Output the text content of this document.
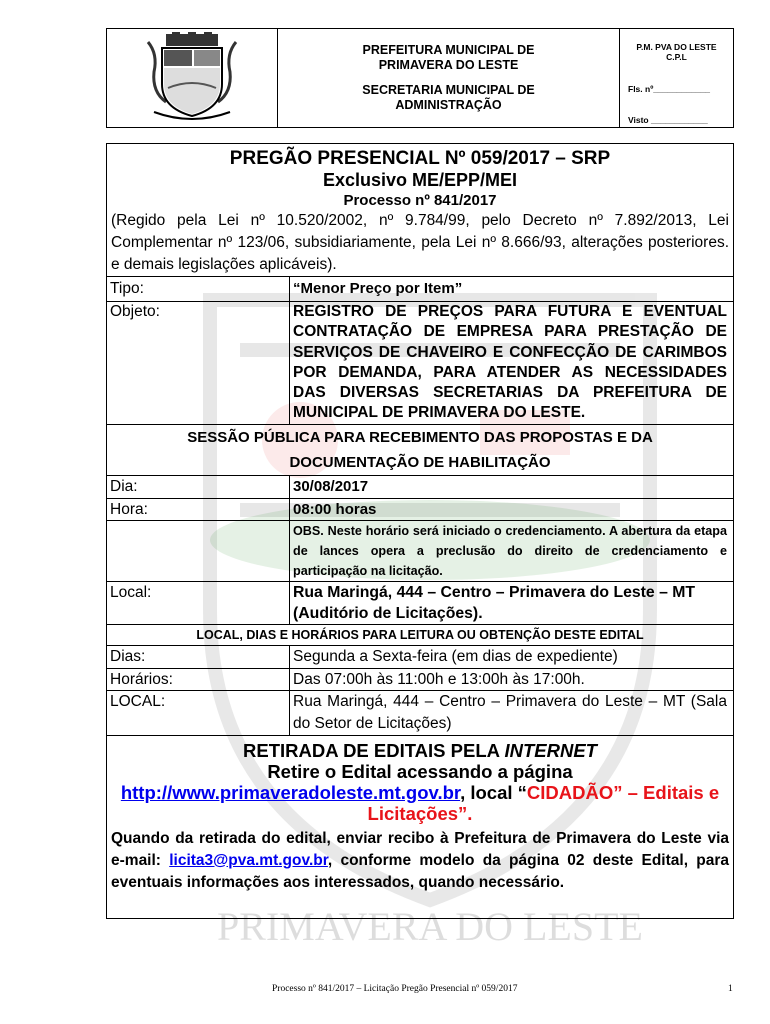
PRIMAVERA DO LESTE
PREFEITURA MUNICIPAL DE
PRIMAVERA DO LESTE
SECRETARIA MUNICIPAL DE
ADMINISTRAÇÃO
P.M. PVA DO LESTE
C.P.L
Fls. nº____________
Visto ____________
PREGÃO PRESENCIAL Nº 059/2017 – SRP
Exclusivo ME/EPP/MEI
Processo nº 841/2017
(Regido pela Lei nº 10.520/2002, nº 9.784/99, pelo Decreto nº 7.892/2013, Lei Complementar nº 123/06, subsidiariamente, pela Lei nº 8.666/93, alterações posteriores. e demais legislações aplicáveis).
Tipo:	“Menor Preço por Item”
Objeto:	REGISTRO DE PREÇOS PARA FUTURA E EVENTUAL CONTRATAÇÃO DE EMPRESA PARA PRESTAÇÃO DE SERVIÇOS DE CHAVEIRO E CONFECÇÃO DE CARIMBOS POR DEMANDA, PARA ATENDER AS NECESSIDADES DAS DIVERSAS SECRETARIAS DA PREFEITURA DE MUNICIPAL DE PRIMAVERA DO LESTE.
SESSÃO PÚBLICA PARA RECEBIMENTO DAS PROPOSTAS E DA DOCUMENTAÇÃO DE HABILITAÇÃO	
Dia:	30/08/2017
Hora:	08:00 horas
	OBS. Neste horário será iniciado o credenciamento. A abertura da etapa de lances opera a preclusão do direito de credenciamento e participação na licitação.
Local:	Rua Maringá, 444 – Centro – Primavera do Leste – MT (Auditório de Licitações).
LOCAL, DIAS E HORÁRIOS PARA LEITURA OU OBTENÇÃO DESTE EDITAL	
Dias:	Segunda a Sexta-feira (em dias de expediente)
Horários:	Das 07:00h às 11:00h e 13:00h às 17:00h.
LOCAL:	Rua Maringá, 444 – Centro – Primavera do Leste – MT (Sala do Setor de Licitações)
RETIRADA DE EDITAIS PELA INTERNET
Retire o Edital acessando a página
http://www.primaveradoleste.mt.gov.br, local “CIDADÃO” – Editais e Licitações”.
Quando da retirada do edital, enviar recibo à Prefeitura de Primavera do Leste via e-mail: licita3@pva.mt.gov.br, conforme modelo da página 02 deste Edital, para eventuais informações aos interessados, quando necessário.
Processo nº 841/2017 – Licitação Pregão Presencial nº 059/2017	1
